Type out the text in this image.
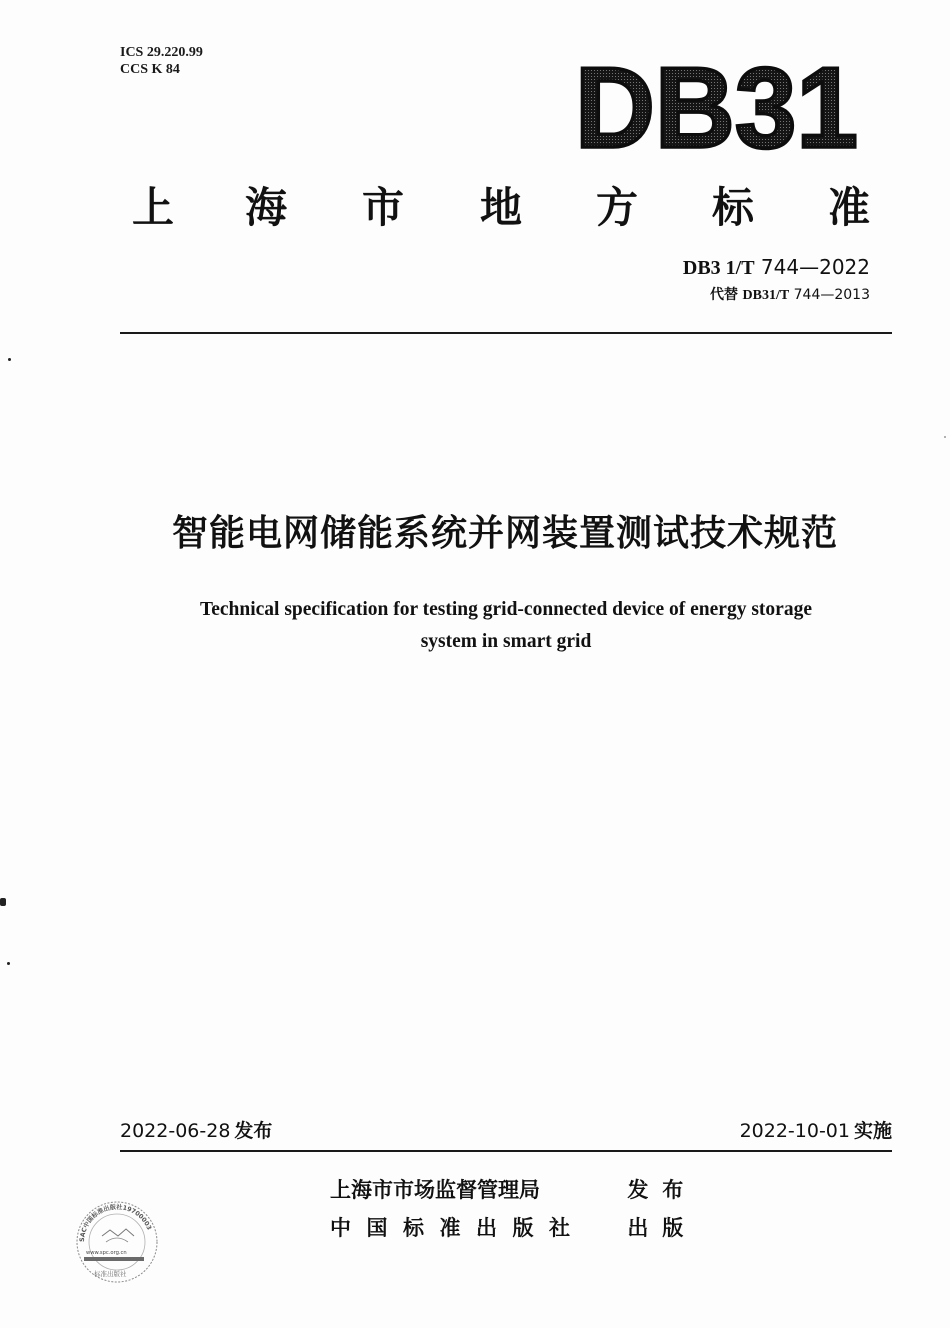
ICS 29.220.99
CCS K 84	DB31
上 海 市 地 方 标 准
DB3 1/T 744—2022
代替 DB31/T 744—2013
智能电网储能系统并网装置测试技术规范
Technical specification for testing grid-connected device of energy storage
system in smart grid
2022-06-28 发布	2022-10-01 实施
上海市市场监督管理局	发布
中国标准出版社 出版
SAC中国标准出版社19700003
www.spc.org.cn
标准出版社
